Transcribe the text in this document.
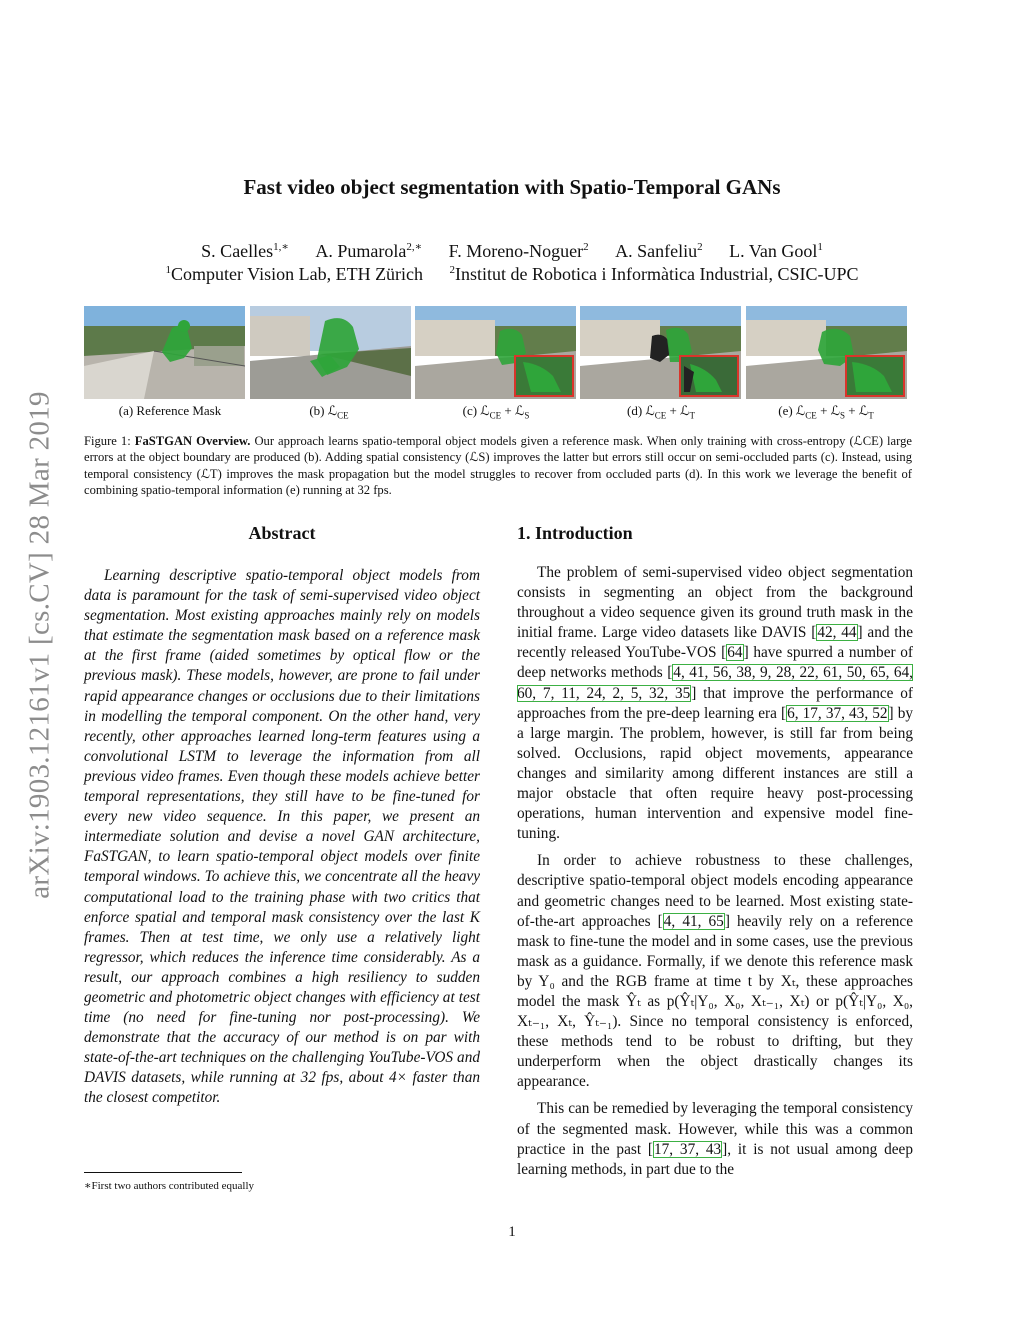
arXiv:1903.12161v1 [cs.CV] 28 Mar 2019
Fast video object segmentation with Spatio-Temporal GANs
S. Caelles$^{1,∗}$ A. Pumarola$^{2,∗}$ F. Moreno-Noguer$^2$ A. Sanfeliu$^2$ L. Van Gool$^1$
$^1$Computer Vision Lab, ETH Zürich $^2$Institut de Robotica i Informàtica Industrial, CSIC-UPC
(a) Reference Mask	(b) ℒ$_{CE}$	(c) ℒ$_{CE}$ + ℒ$_S$	(d) ℒ$_{CE}$ + ℒ$_T$	(e) ℒ$_{CE}$ + ℒ$_S$ + ℒ$_T$
Figure 1: FaSTGAN Overview. Our approach learns spatio-temporal object models given a reference mask. When only training with cross-entropy (ℒCE) large errors at the object boundary are produced (b). Adding spatial consistency (ℒS) improves the latter but errors still occur on semi-occluded parts (c). Instead, using temporal consistency (ℒT) improves the mask propagation but the model struggles to recover from occluded parts (d). In this work we leverage the benefit of combining spatio-temporal information (e) running at 32 fps.
Abstract

Learning descriptive spatio-temporal object models from data is paramount for the task of semi-supervised video object segmentation. Most existing approaches mainly rely on models that estimate the segmentation mask based on a reference mask at the first frame (aided sometimes by optical flow or the previous mask). These models, however, are prone to fail under rapid appearance changes or occlusions due to their limitations in modelling the temporal component. On the other hand, very recently, other approaches learned long-term features using a convolutional LSTM to leverage the information from all previous video frames. Even though these models achieve better temporal representations, they still have to be fine-tuned for every new video sequence. In this paper, we present an intermediate solution and devise a novel GAN architecture, FaSTGAN, to learn spatio-temporal object models over finite temporal windows. To achieve this, we concentrate all the heavy computational load to the training phase with two critics that enforce spatial and temporal mask consistency over the last K frames. Then at test time, we only use a relatively light regressor, which reduces the inference time considerably. As a result, our approach combines a high resiliency to sudden geometric and photometric object changes with efficiency at test time (no need for fine-tuning nor post-processing). We demonstrate that the accuracy of our method is on par with state-of-the-art techniques on the challenging YouTube-VOS and DAVIS datasets, while running at 32 fps, about 4× faster than the closest competitor.

1. Introduction

The problem of semi-supervised video object segmentation consists in segmenting an object from the background throughout a video sequence given its ground truth mask in the initial frame. Large video datasets like DAVIS [42, 44] and the recently released YouTube-VOS [64] have spurred a number of deep networks methods [4, 41, 56, 38, 9, 28, 22, 61, 50, 65, 64, 60, 7, 11, 24, 2, 5, 32, 35] that improve the performance of approaches from the pre-deep learning era [6, 17, 37, 43, 52] by a large margin. The problem, however, is still far from being solved. Occlusions, rapid object movements, appearance changes and similarity among different instances are still a major obstacle that often require heavy post-processing operations, human intervention and expensive model fine-tuning.

In order to achieve robustness to these challenges, descriptive spatio-temporal object models encoding appearance and geometric changes need to be learned. Most existing state-of-the-art approaches [4, 41, 65] heavily rely on a reference mask to fine-tune the model and in some cases, use the previous mask as a guidance. Formally, if we denote this reference mask by Y₀ and the RGB frame at time t by Xₜ, these approaches model the mask Ŷₜ as p(Ŷₜ|Y₀, X₀, Xₜ₋₁, Xₜ) or p(Ŷₜ|Y₀, X₀, Xₜ₋₁, Xₜ, Ŷₜ₋₁). Since no temporal consistency is enforced, these methods tend to be robust to drifting, but they underperform when the object drastically changes its appearance.

This can be remedied by leveraging the temporal consistency of the segmented mask. However, while this was a common practice in the past [17, 37, 43], it is not usual among deep learning methods, in part due to the

∗First two authors contributed equally
1
